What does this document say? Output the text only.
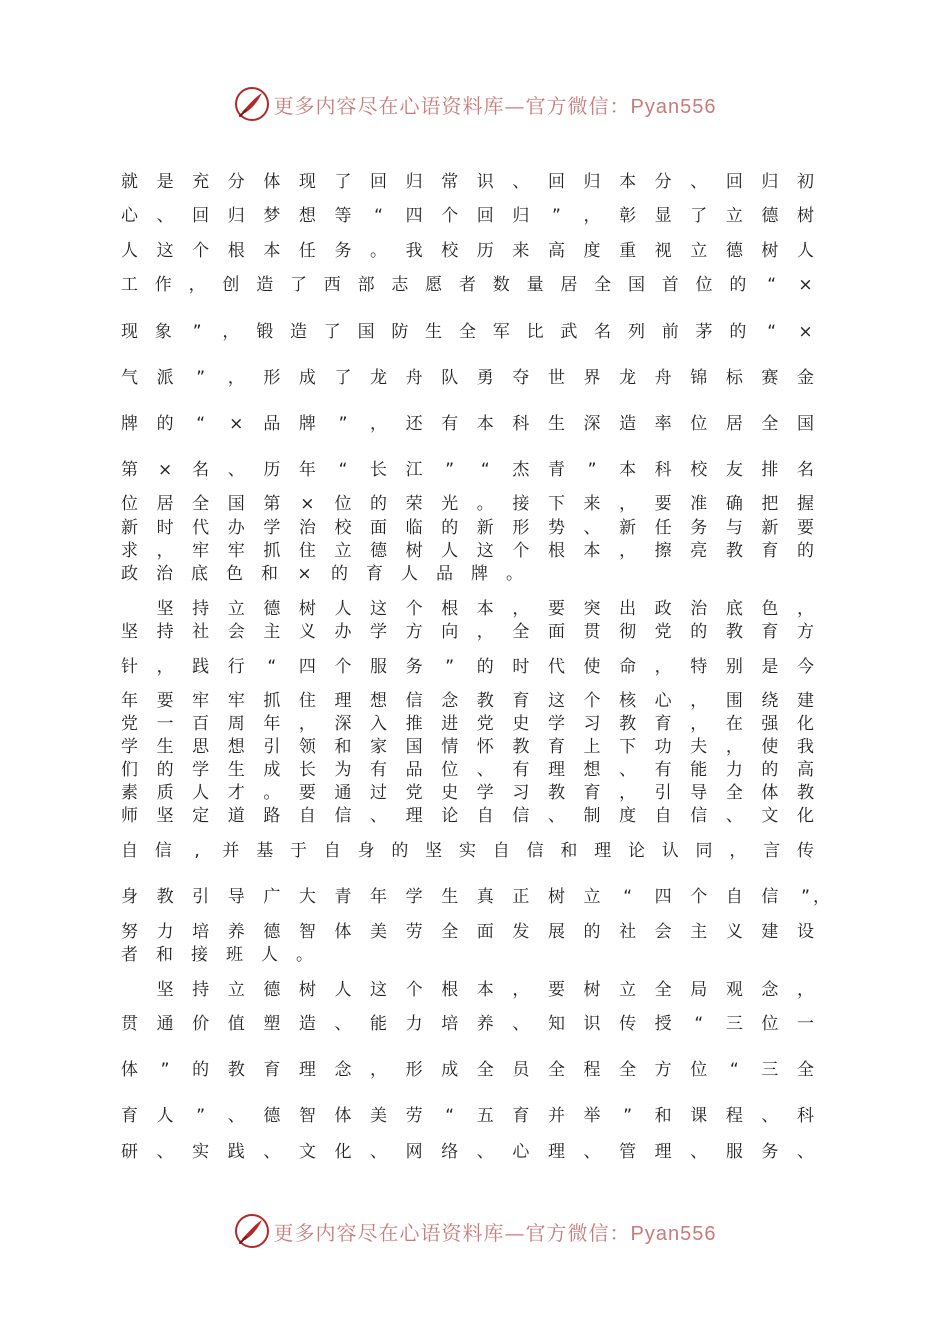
更多内容尽在心语资料库—官方微信：Pyan556
就 是 充 分 体 现 了 回 归 常 识 、 回 归 本 分 、 回 归 初
心 、 回 归 梦 想 等 “ 四 个 回 归 ” ， 彰 显 了 立 德 树
人 这 个 根 本 任 务 。 我 校 历 来 高 度 重 视 立 德 树 人
工 作 ， 创 造 了 西 部 志 愿 者 数 量 居 全 国 首 位 的 “ ×
现 象 ” ， 锻 造 了 国 防 生 全 军 比 武 名 列 前 茅 的 “ ×
气 派 ” ， 形 成 了 龙 舟 队 勇 夺 世 界 龙 舟 锦 标 赛 金
牌 的 “ × 品 牌 ” ， 还 有 本 科 生 深 造 率 位 居 全 国
第 × 名 、 历 年 “ 长 江 ” “ 杰 青 ” 本 科 校 友 排 名
位 居 全 国 第 × 位 的 荣 光 。 接 下 来 ， 要 准 确 把 握
新 时 代 办 学 治 校 面 临 的 新 形 势 、 新 任 务 与 新 要
求 ， 牢 牢 抓 住 立 德 树 人 这 个 根 本 ， 擦 亮 教 育 的
政 治 底 色 和 × 的 育 人 品 牌 。
坚 持 立 德 树 人 这 个 根 本 ， 要 突 出 政 治 底 色 ，
坚 持 社 会 主 义 办 学 方 向 ， 全 面 贯 彻 党 的 教 育 方
针 ， 践 行 “ 四 个 服 务 ” 的 时 代 使 命 ， 特 别 是 今
年 要 牢 牢 抓 住 理 想 信 念 教 育 这 个 核 心 ， 围 绕 建
党 一 百 周 年 ， 深 入 推 进 党 史 学 习 教 育 ， 在 强 化
学 生 思 想 引 领 和 家 国 情 怀 教 育 上 下 功 夫 ， 使 我
们 的 学 生 成 长 为 有 品 位 、 有 理 想 、 有 能 力 的 高
素 质 人 才 。 要 通 过 党 史 学 习 教 育 ， 引 导 全 体 教
师 坚 定 道 路 自 信 、 理 论 自 信 、 制 度 自 信 、 文 化
自 信	,	并 基 于 自 身 的 坚 实 自 信 和 理 论 认 同 ， 言 传
身 教 引 导 广 大 青 年 学 生 真 正 树 立 “ 四 个 自 信 ” ，
努 力 培 养 德 智 体 美 劳 全 面 发 展 的 社 会 主 义 建 设
者 和 接 班 人 。
坚 持 立 德 树 人 这 个 根 本 ， 要 树 立 全 局 观 念 ，
贯 通 价 值 塑 造 、 能 力 培 养 、 知 识 传 授 “ 三 位 一
体 ” 的 教 育 理 念 ， 形 成 全 员 全 程 全 方 位 “ 三 全
育 人 ” 、 德 智 体 美 劳 “ 五 育 并 举 ” 和 课 程 、 科
研 、 实 践 、 文 化 、 网 络 、 心 理 、 管 理 、 服 务 、
更多内容尽在心语资料库—官方微信：Pyan556
